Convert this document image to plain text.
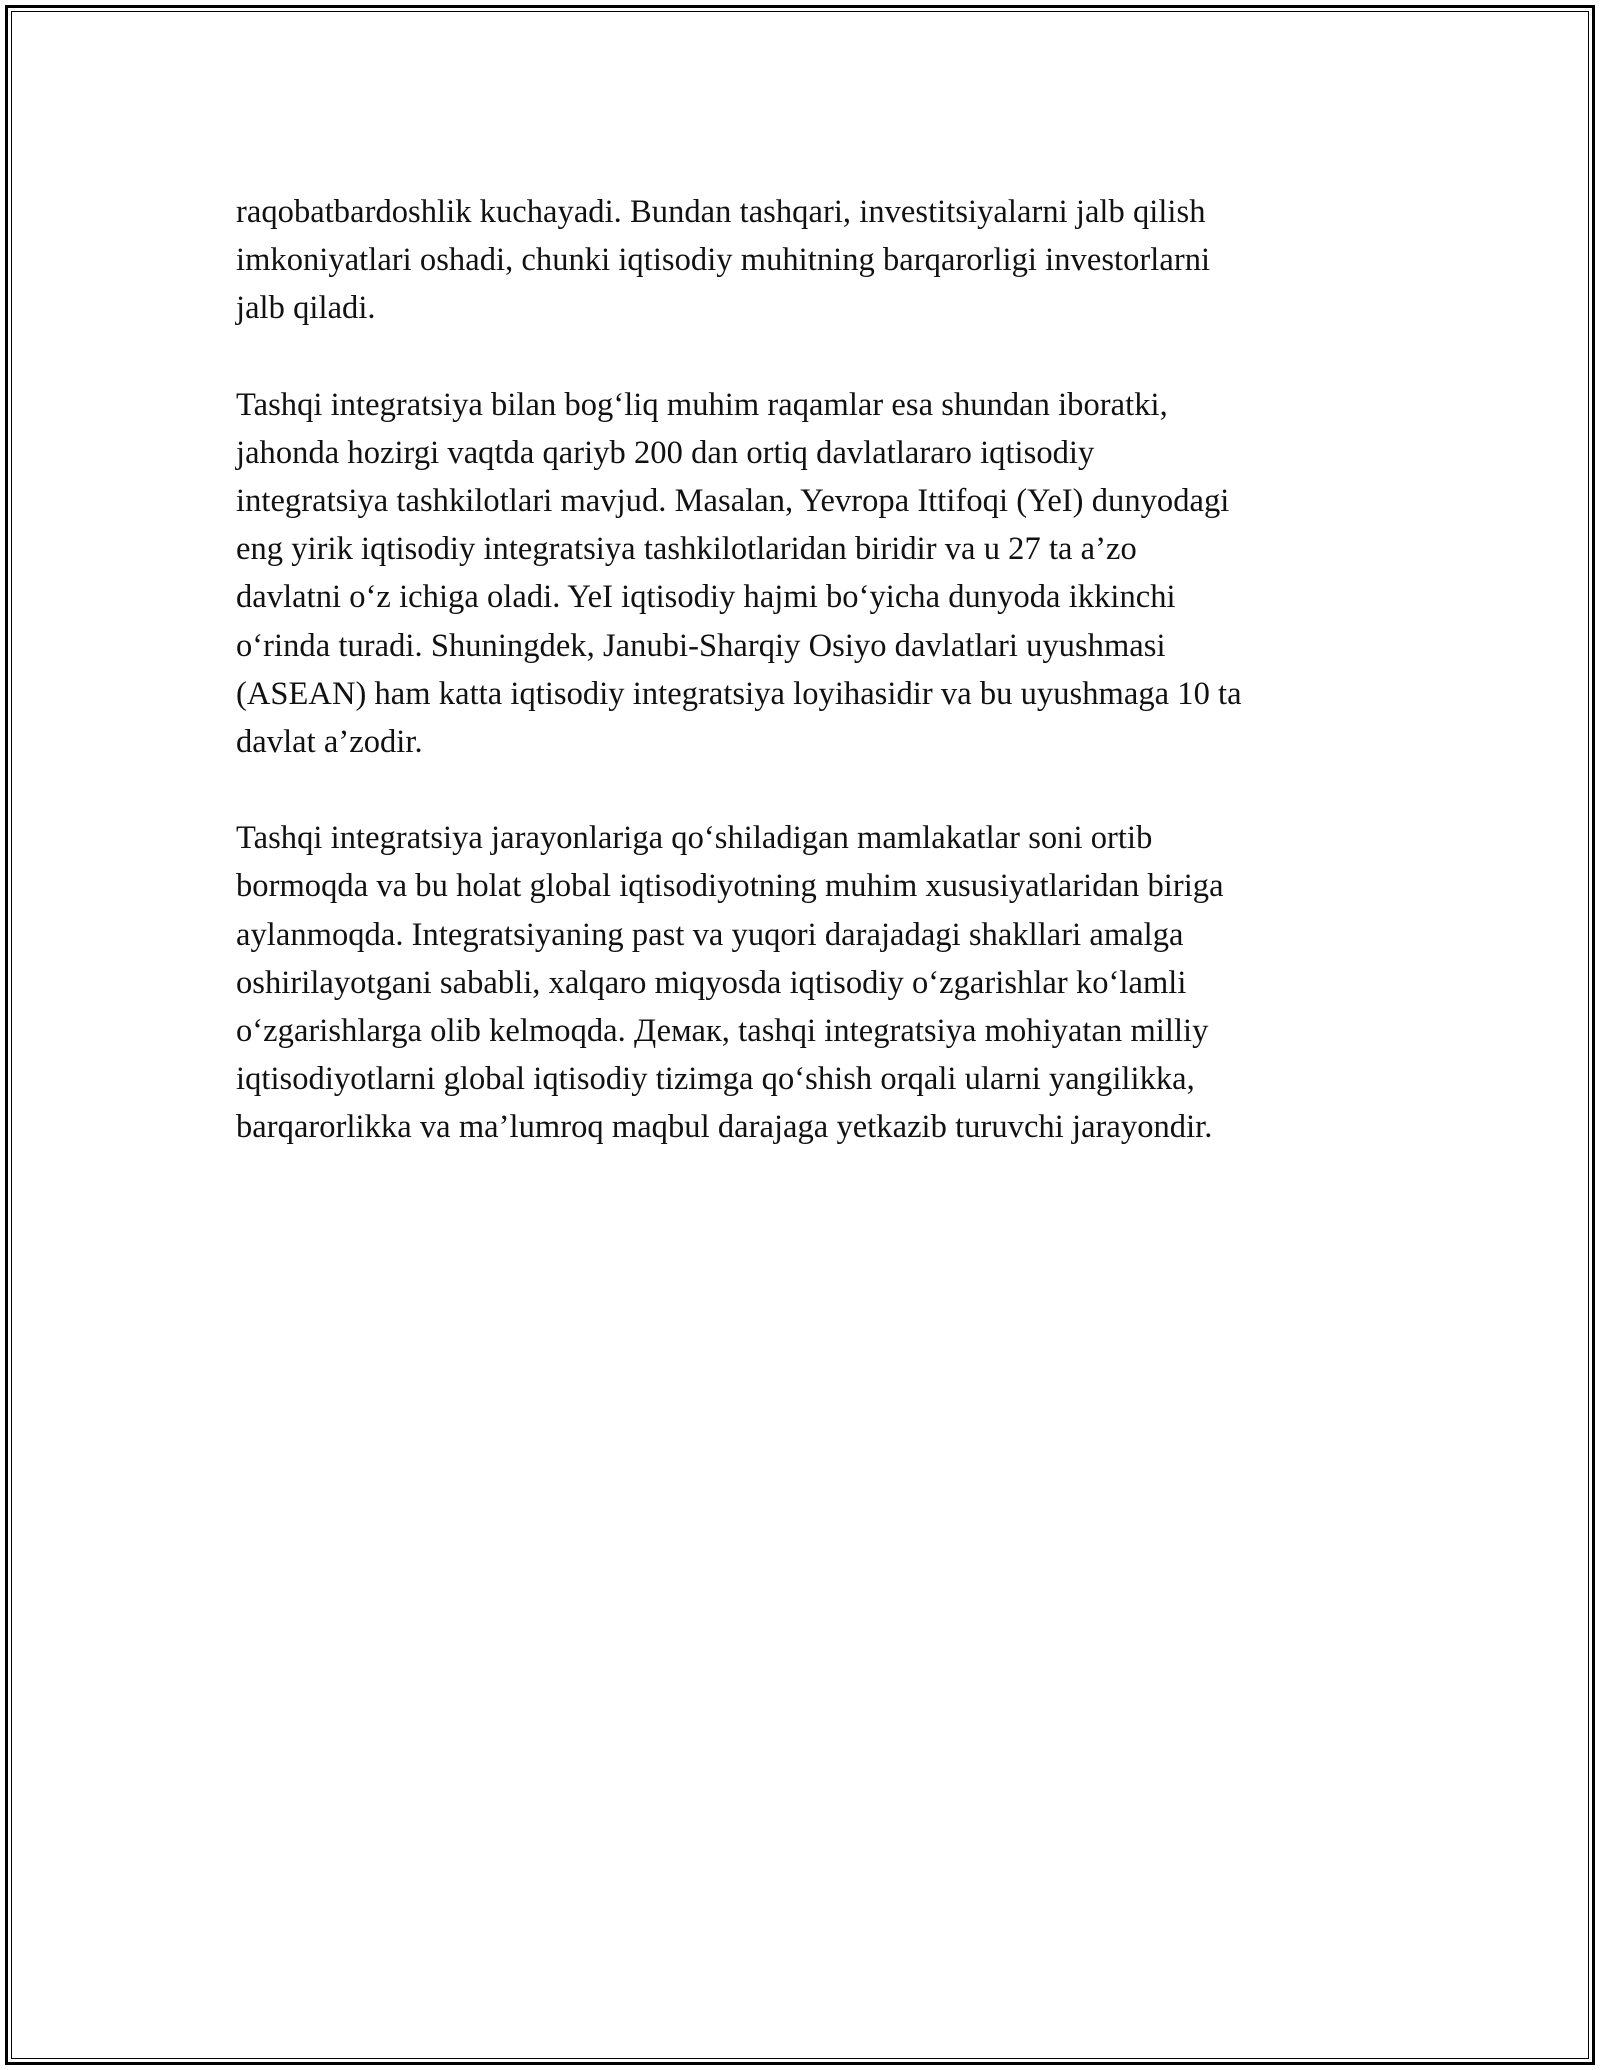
raqobatbardoshlik kuchayadi. Bundan tashqari, investitsiyalarni jalb qilish
imkoniyatlari oshadi, chunki iqtisodiy muhitning barqarorligi investorlarni
jalb qiladi.

Tashqi integratsiya bilan bog‘liq muhim raqamlar esa shundan iboratki,
jahonda hozirgi vaqtda qariyb 200 dan ortiq davlatlararo iqtisodiy
integratsiya tashkilotlari mavjud. Masalan, Yevropa Ittifoqi (YeI) dunyodagi
eng yirik iqtisodiy integratsiya tashkilotlaridan biridir va u 27 ta a’zo
davlatni o‘z ichiga oladi. YeI iqtisodiy hajmi bo‘yicha dunyoda ikkinchi
o‘rinda turadi. Shuningdek, Janubi-Sharqiy Osiyo davlatlari uyushmasi
(ASEAN) ham katta iqtisodiy integratsiya loyihasidir va bu uyushmaga 10 ta
davlat a’zodir.

Tashqi integratsiya jarayonlariga qo‘shiladigan mamlakatlar soni ortib
bormoqda va bu holat global iqtisodiyotning muhim xususiyatlaridan biriga
aylanmoqda. Integratsiyaning past va yuqori darajadagi shakllari amalga
oshirilayotgani sababli, xalqaro miqyosda iqtisodiy o‘zgarishlar ko‘lamli
o‘zgarishlarga olib kelmoqda. Демак, tashqi integratsiya mohiyatan milliy
iqtisodiyotlarni global iqtisodiy tizimga qo‘shish orqali ularni yangilikka,
barqarorlikka va ma’lumroq maqbul darajaga yetkazib turuvchi jarayondir.
